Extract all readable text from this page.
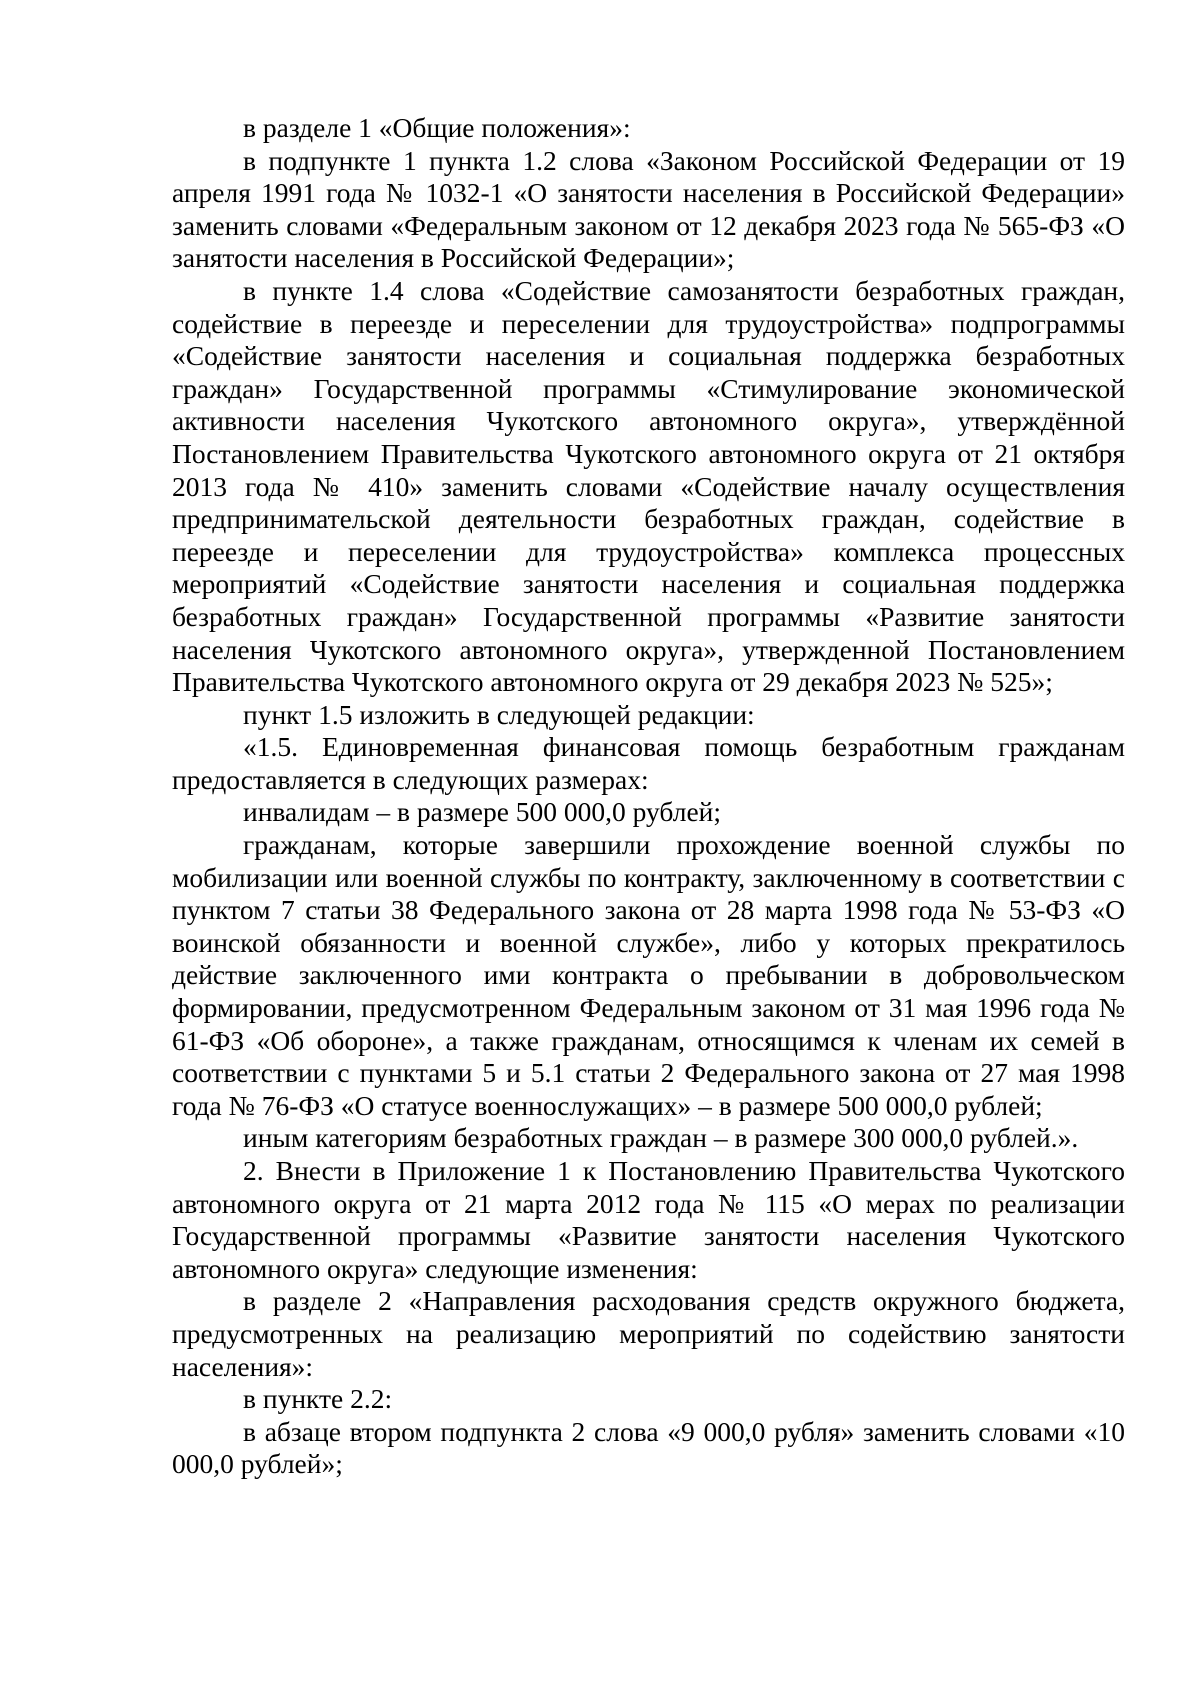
в разделе 1 «Общие положения»:

в подпункте 1 пункта 1.2 слова «Законом Российской Федерации от 19 апреля 1991 года № 1032-1 «О занятости населения в Российской Федерации» заменить словами «Федеральным законом от 12 декабря 2023 года № 565-ФЗ «О занятости населения в Российской Федерации»;

в пункте 1.4 слова «Содействие самозанятости безработных граждан, содействие в переезде и переселении для трудоустройства» подпрограммы «Содействие занятости населения и социальная поддержка безработных граждан» Государственной программы «Стимулирование экономической активности населения Чукотского автономного округа», утверждённой Постановлением Правительства Чукотского автономного округа от 21 октября 2013 года № 410» заменить словами «Содействие началу осуществления предпринимательской деятельности безработных граждан, содействие в переезде и переселении для трудоустройства» комплекса процессных мероприятий «Содействие занятости населения и социальная поддержка безработных граждан» Государственной программы «Развитие занятости населения Чукотского автономного округа», утвержденной Постановлением Правительства Чукотского автономного округа от 29 декабря 2023 № 525»;

пункт 1.5 изложить в следующей редакции:

«1.5. Единовременная финансовая помощь безработным гражданам предоставляется в следующих размерах:

инвалидам – в размере 500 000,0 рублей;

гражданам, которые завершили прохождение военной службы по мобилизации или военной службы по контракту, заключенному в соответствии с пунктом 7 статьи 38 Федерального закона от 28 марта 1998 года № 53-ФЗ «О воинской обязанности и военной службе», либо у которых прекратилось действие заключенного ими контракта о пребывании в добровольческом формировании, предусмотренном Федеральным законом от 31 мая 1996 года № 61-ФЗ «Об обороне», а также гражданам, относящимся к членам их семей в соответствии с пунктами 5 и 5.1 статьи 2 Федерального закона от 27 мая 1998 года № 76-ФЗ «О статусе военнослужащих» – в размере 500 000,0 рублей;

иным категориям безработных граждан – в размере 300 000,0 рублей.».

2. Внести в Приложение 1 к Постановлению Правительства Чукотского автономного округа от 21 марта 2012 года № 115 «О мерах по реализации Государственной программы «Развитие занятости населения Чукотского автономного округа» следующие изменения:

в разделе 2 «Направления расходования средств окружного бюджета, предусмотренных на реализацию мероприятий по содействию занятости населения»:

в пункте 2.2:

в абзаце втором подпункта 2 слова «9 000,0 рубля» заменить словами «10 000,0 рублей»;
